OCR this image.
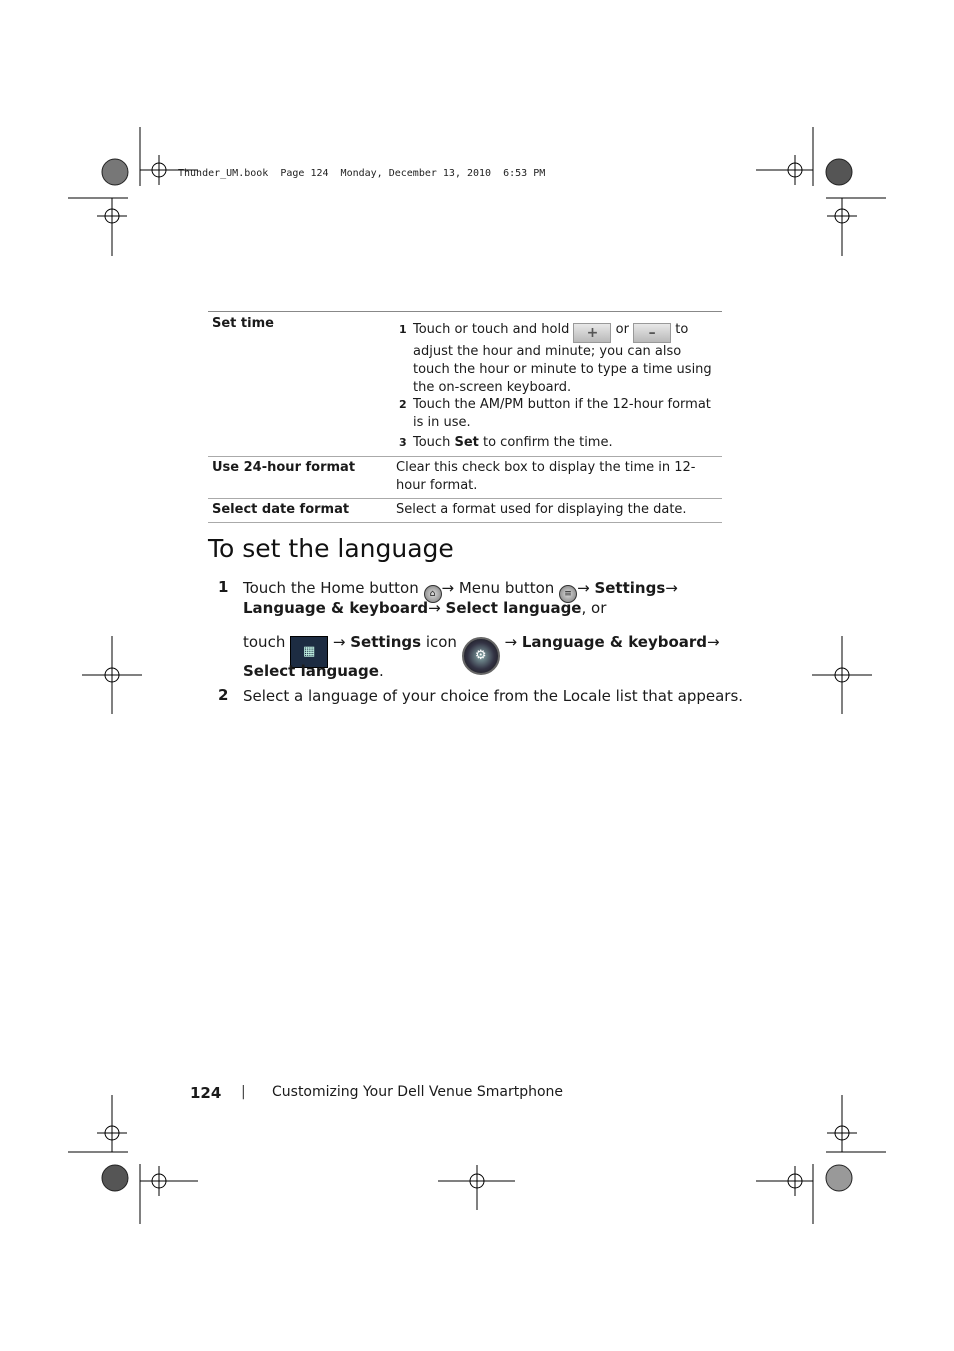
Thunder_UM.book  Page 124  Monday, December 13, 2010  6:53 PM
Set time	1 Touch or touch and hold + or – to adjust the hour and minute; you can also touch the hour or minute to type a time using the on-screen keyboard.
2 Touch the AM/PM button if the 12-hour format is in use.
3 Touch Set to confirm the time.
Use 24-hour format	Clear this check box to display the time in 12-hour format.
Select date format	Select a format used for displaying the date.
To set the language
1 Touch the Home button ⌂ → Menu button ≡ → Settings→
Language & keyboard→ Select language, or
touch ▦ → Settings icon ⚙ → Language & keyboard→
Select language.
2 Select a language of your choice from the Locale list that appears.
124 | Customizing Your Dell Venue Smartphone
